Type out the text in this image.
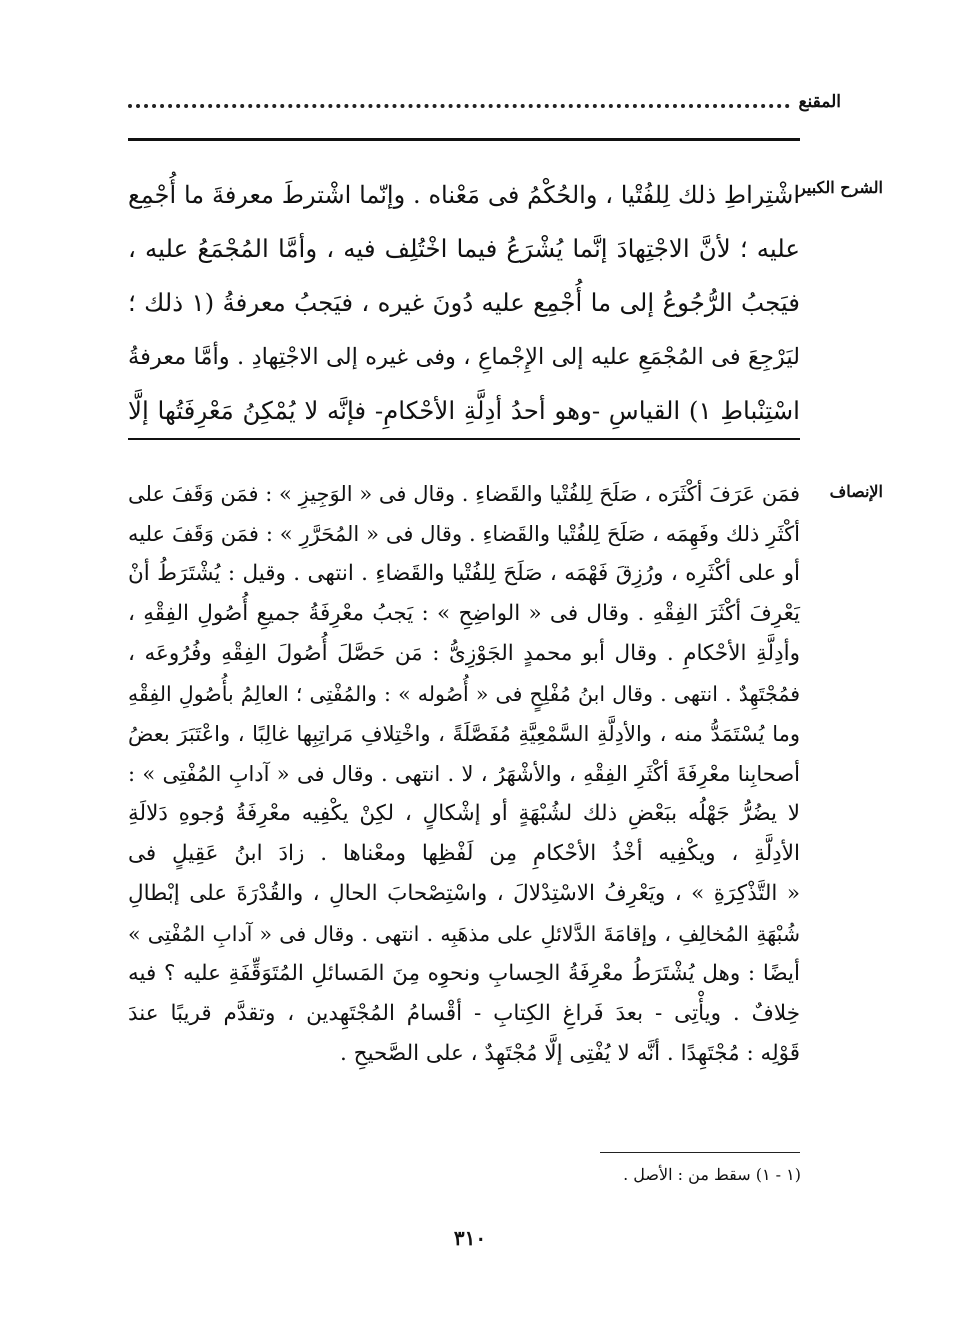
المقنع
الشرح الكبير
اشْتِراطِ ذلك لِلفُتْيا ، والحُكْمُ فى مَعْناه . وإنّما اشْترطَ معرفةَ ما أُجْمِع
عليه ؛ لأنَّ الاجْتِهادَ إنَّما يُشْرَعُ فيما اخْتُلِف فيه ، وأمَّا المُجْمَعُ عليه ،
فيَجبُ الرُّجُوعُ إلى ما أُجْمِع عليه دُونَ غيره ، فيَجبُ معرفةُ (١ ذلك ؛
ليَرْجِعَ فى المُجْمَعِ عليه إلى الإِجْماعِ ، وفى غيره إلى الاجْتِهادِ . وأمَّا معرفةُ
اسْتِنْباطِ ١) القياسِ -وهو أحدُ أدِلَّةِ الأحْكامِ- فإنَّه لا يُمْكِنُ مَعْرِفَتُها إلَّا
الإنصاف
فمَن عَرَفَ أكْثَرَه ، صَلَحَ لِلفُتْيا والقَضاءِ . وقال فى « الوَجِيزِ » : فمَن وَقَفَ على
أكْثَرِ ذلك وفَهِمَه ، صَلَحَ لِلفُتْيا والقَضاءِ . وقال فى « المُحَرَّرِ » : فمَن وَقَفَ عليه
أو على أكْثَرِه ، ورُزِقَ فَهْمَه ، صَلَحَ لِلفُتْيا والقَضاءِ . انتهى . وقيل : يُشْتَرَطُ أنْ
يَعْرِفَ أكْثَرَ الفِقْهِ . وقال فى « الواضِحِ » : يَجبُ معْرِفَةُ جميعِ أُصُولِ الفِقْهِ ،
وأدِلَّةِ الأحْكامِ . وقال أبو محمدٍ الجَوْزِىُّ : مَن حَصَّلَ أُصُولَ الفِقْهِ وفُرُوعَه ،
فمُجْتَهِدٌ . انتهى . وقال ابنُ مُفْلِحٍ فى « أُصُوله » : والمُفْتِى ؛ العالِمُ بأُصُولِ الفِقْهِ
وما يُسْتَمَدُّ منه ، والأدِلَّةِ السَّمْعِيَّةِ مُفَصَّلَةً ، واخْتِلافِ مَراتِبِها غالِبًا ، واعْتَبَرَ بعضُ
أصحابِنا معْرِفَةَ أكْثَرِ الفِقْهِ ، والأشْهَرُ ، لا . انتهى . وقال فى « آدابِ المُفْتِى » :
لا يضُرُّ جَهْلُه ببَعْضِ ذلك لشُبْهَةٍ أو إشْكالٍ ، لكِنْ يكْفِيه معْرِفَةُ وُجوهِ دَلالَةِ
الأدِلَّةِ ، ويكْفِيه أخْذُ الأحْكامِ مِن لَفْظِها ومعْناها . زادَ ابنُ عَقِيلٍ فى
« التَّذْكِرَةِ » ، ويَعْرِفُ الاسْتِدْلالَ ، واسْتِصْحابَ الحالِ ، والقُدْرَةَ على إبْطالِ
شُبْهَةِ المُخالِفِ ، وإقامَةَ الدَّلائلِ على مذهَبِه . انتهى . وقال فى « آدابِ المُفْتِى »
أيضًا : وهل يُشْتَرَطُ معْرِفَةُ الحِسابِ ونحوِه مِنَ المَسائلِ المُتَوَقِّفَةِ عليه ؟ فيه
خِلافٌ . ويأْتِى - بعدَ فَراغِ الكِتابِ - أقْسامُ المُجْتَهِدين ، وتقدَّم قريبًا عندَ
قَوْلِه : مُجْتَهِدًا . أنَّه لا يُفْتِى إلَّا مُجْتَهِدٌ ، على الصَّحيحِ .
(١ - ١) سقط من : الأصل .
٣١٠
